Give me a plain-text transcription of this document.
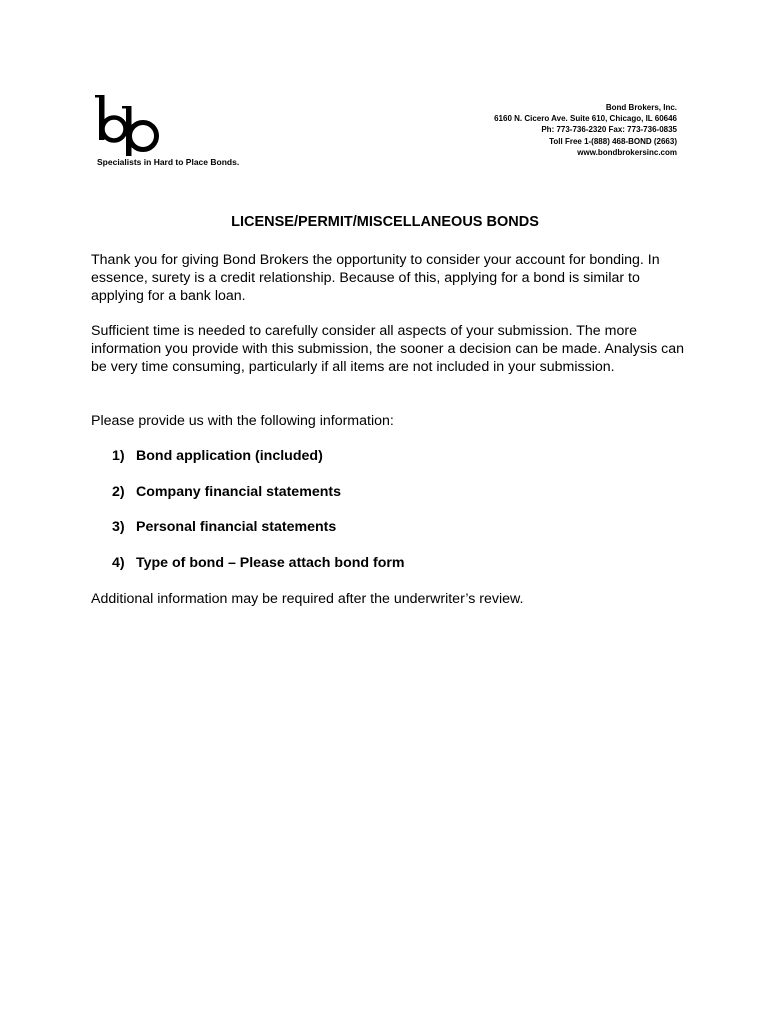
Specialists in Hard to Place Bonds.
Bond Brokers, Inc.
6160 N. Cicero Ave. Suite 610, Chicago, IL 60646
Ph: 773-736-2320 Fax: 773-736-0835
Toll Free 1-(888) 468-BOND (2663)
www.bondbrokersinc.com
LICENSE/PERMIT/MISCELLANEOUS BONDS

Thank you for giving Bond Brokers the opportunity to consider your account for bonding. In essence, surety is a credit relationship. Because of this, applying for a bond is similar to applying for a bank loan.

Sufficient time is needed to carefully consider all aspects of your submission. The more information you provide with this submission, the sooner a decision can be made. Analysis can be very time consuming, particularly if all items are not included in your submission.

Please provide us with the following information:

1) Bond application (included)
2) Company financial statements
3) Personal financial statements
4) Type of bond – Please attach bond form

Additional information may be required after the underwriter’s review.
